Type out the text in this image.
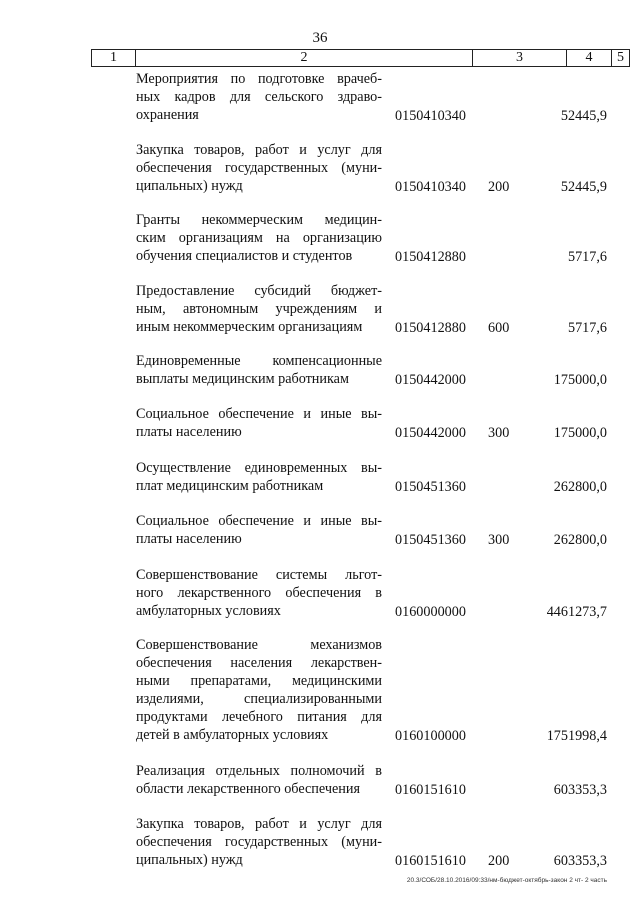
36
1	2	3	4	5
Мероприятия по подготовке врачеб-
ных кадров для сельского здраво-
охранения	0150410340	52445,9
Закупка товаров, работ и услуг для
обеспечения государственных (муни-
ципальных) нужд	0150410340 200	52445,9
Гранты некоммерческим медицин-
ским организациям на организацию
обучения специалистов и студентов	0150412880	5717,6
Предоставление субсидий бюджет-
ным, автономным учреждениям и
иным некоммерческим организациям	0150412880 600	5717,6
Единовременные компенсационные
выплаты медицинским работникам	0150442000	175000,0
Социальное обеспечение и иные вы-
платы населению	0150442000 300	175000,0
Осуществление единовременных вы-
плат медицинским работникам	0150451360	262800,0
Социальное обеспечение и иные вы-
платы населению	0150451360 300	262800,0
Совершенствование системы льгот-
ного лекарственного обеспечения в
амбулаторных условиях	0160000000	4461273,7
Совершенствование механизмов
обеспечения населения лекарствен-
ными препаратами, медицинскими
изделиями, специализированными
продуктами лечебного питания для
детей в амбулаторных условиях	0160100000	1751998,4
Реализация отдельных полномочий в
области лекарственного обеспечения	0160151610	603353,3
Закупка товаров, работ и услуг для
обеспечения государственных (муни-
ципальных) нужд	0160151610 200	603353,3
20.3/СОБ/28.10.2016/09:33/нм-бюджет-октябрь-закон 2 чт- 2 часть
